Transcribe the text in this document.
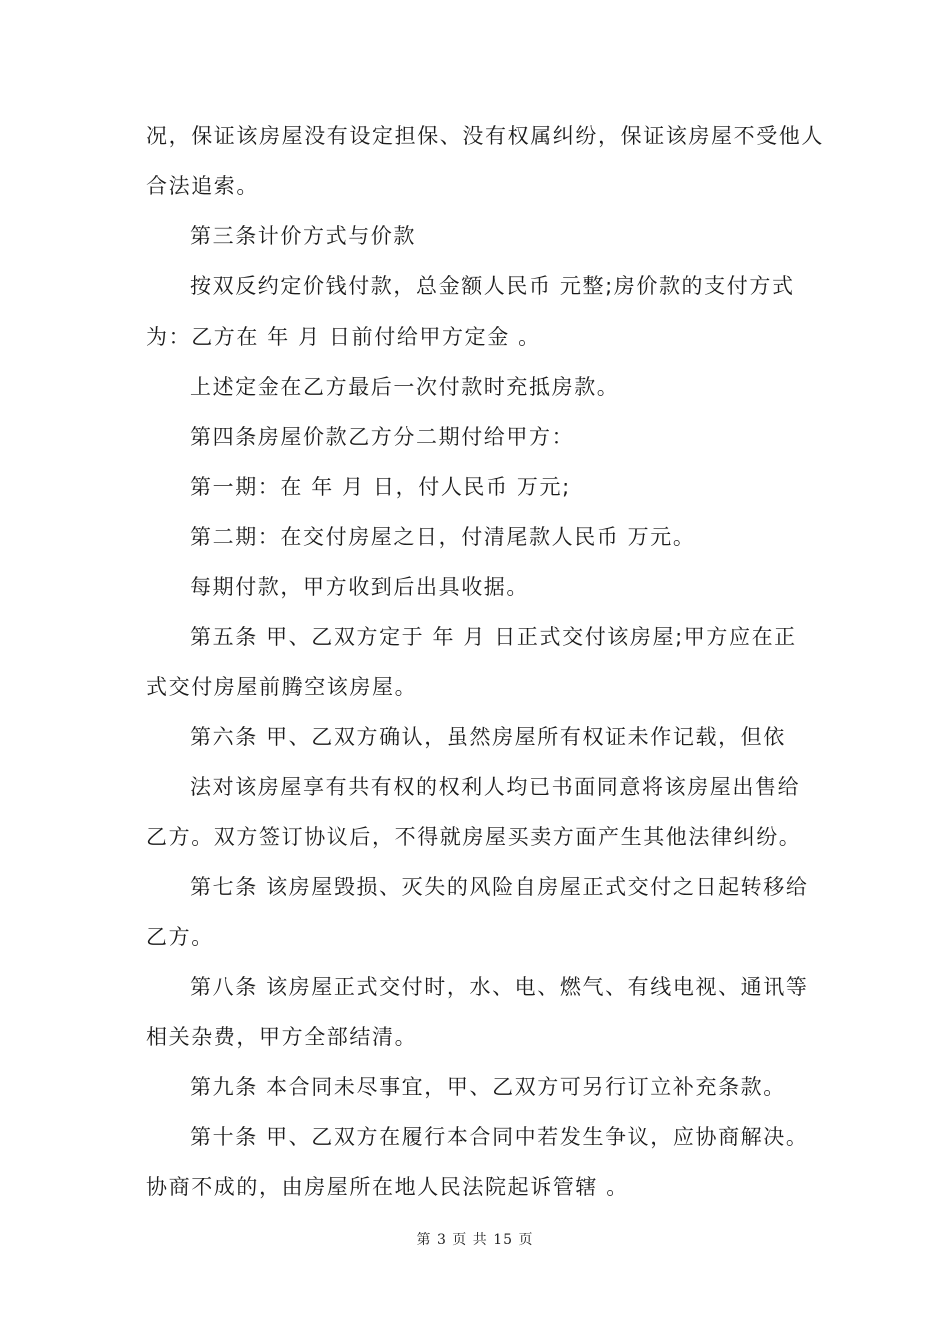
况，保证该房屋没有设定担保、没有权属纠纷，保证该房屋不受他人
合法追索。
第三条计价方式与价款
按双反约定价钱付款，总金额人民币 元整;房价款的支付方式
为：乙方在 年 月 日前付给甲方定金 。
上述定金在乙方最后一次付款时充抵房款。
第四条房屋价款乙方分二期付给甲方：
第一期：在 年 月 日，付人民币 万元;
第二期：在交付房屋之日，付清尾款人民币 万元。
每期付款，甲方收到后出具收据。
第五条 甲、乙双方定于 年 月 日正式交付该房屋;甲方应在正
式交付房屋前腾空该房屋。
第六条 甲、乙双方确认，虽然房屋所有权证未作记载，但依
法对该房屋享有共有权的权利人均已书面同意将该房屋出售给
乙方。双方签订协议后，不得就房屋买卖方面产生其他法律纠纷。
第七条 该房屋毁损、灭失的风险自房屋正式交付之日起转移给
乙方。
第八条 该房屋正式交付时，水、电、燃气、有线电视、通讯等
相关杂费，甲方全部结清。
第九条 本合同未尽事宜，甲、乙双方可另行订立补充条款。
第十条 甲、乙双方在履行本合同中若发生争议，应协商解决。
协商不成的，由房屋所在地人民法院起诉管辖 。
第 3 页 共 15 页
